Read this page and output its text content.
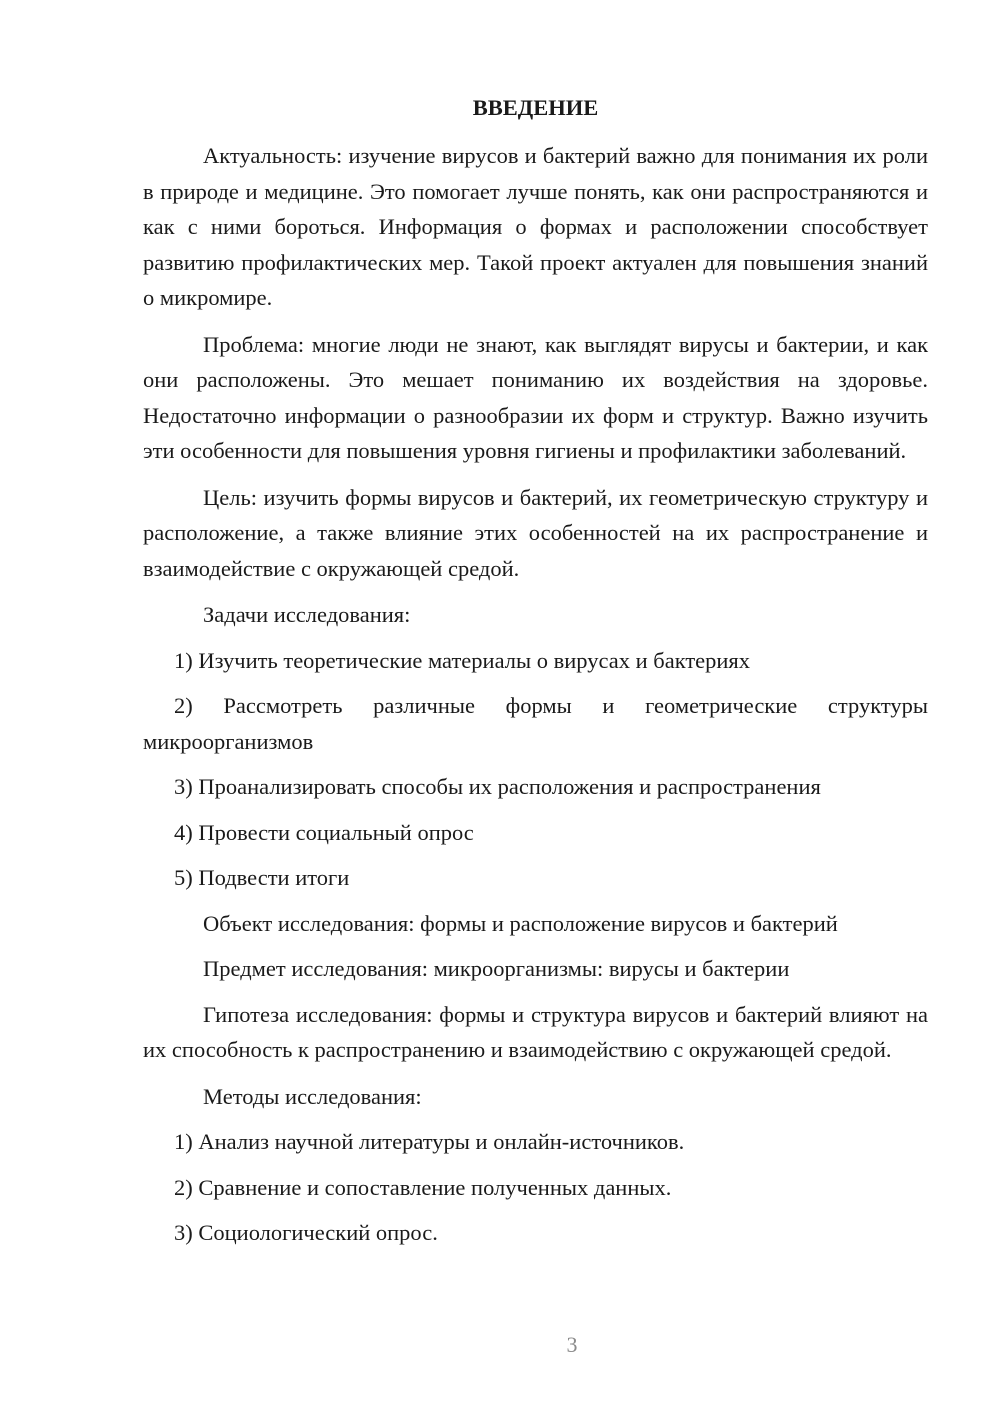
ВВЕДЕНИЕ

Актуальность: изучение вирусов и бактерий важно для понимания их роли в природе и медицине. Это помогает лучше понять, как они распространяются и как с ними бороться. Информация о формах и расположении способствует развитию профилактических мер. Такой проект актуален для повышения знаний о микромире.

Проблема: многие люди не знают, как выглядят вирусы и бактерии, и как они расположены. Это мешает пониманию их воздействия на здоровье. Недостаточно информации о разнообразии их форм и структур. Важно изучить эти особенности для повышения уровня гигиены и профилактики заболеваний.

Цель: изучить формы вирусов и бактерий, их геометрическую структуру и расположение, а также влияние этих особенностей на их распространение и взаимодействие с окружающей средой.

Задачи исследования:

1) Изучить теоретические материалы о вирусах и бактериях

2) Рассмотреть различные формы и геометрические структуры микроорганизмов

3) Проанализировать способы их расположения и распространения

4) Провести социальный опрос

5) Подвести итоги

Объект исследования: формы и расположение вирусов и бактерий

Предмет исследования: микроорганизмы: вирусы и бактерии

Гипотеза исследования: формы и структура вирусов и бактерий влияют на их способность к распространению и взаимодействию с окружающей средой.

Методы исследования:

1) Анализ научной литературы и онлайн-источников.

2) Сравнение и сопоставление полученных данных.

3) Социологический опрос.

3
